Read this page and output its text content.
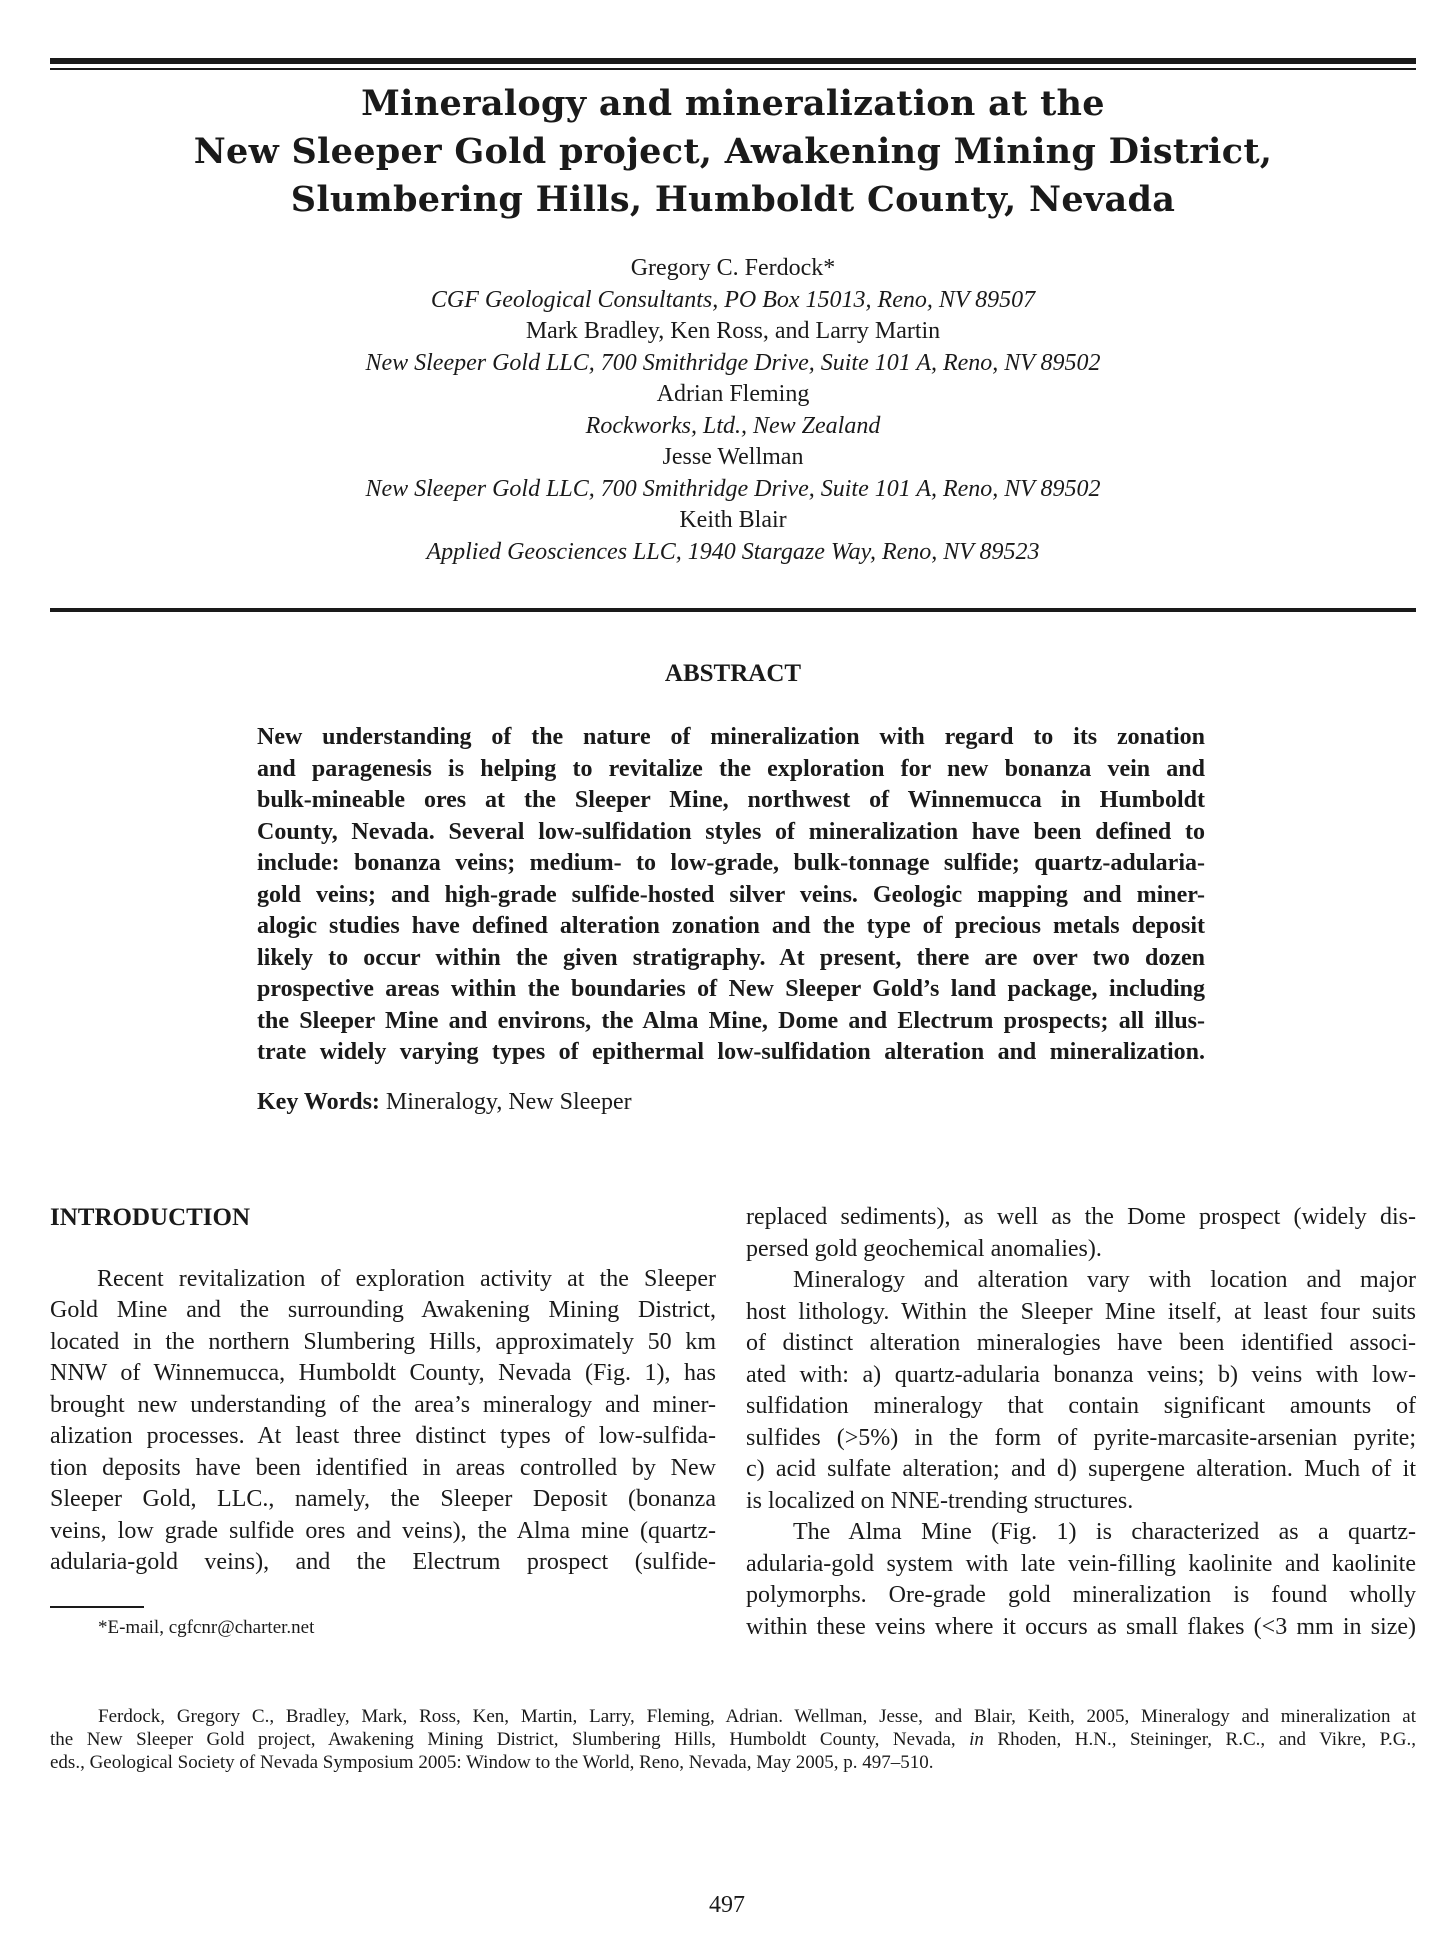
Mineralogy and mineralization at the
New Sleeper Gold project, Awakening Mining District,
Slumbering Hills, Humboldt County, Nevada
Gregory C. Ferdock*
CGF Geological Consultants, PO Box 15013, Reno, NV 89507
Mark Bradley, Ken Ross, and Larry Martin
New Sleeper Gold LLC, 700 Smithridge Drive, Suite 101 A, Reno, NV 89502
Adrian Fleming
Rockworks, Ltd., New Zealand
Jesse Wellman
New Sleeper Gold LLC, 700 Smithridge Drive, Suite 101 A, Reno, NV 89502
Keith Blair
Applied Geosciences LLC, 1940 Stargaze Way, Reno, NV 89523
ABSTRACT
New understanding of the nature of mineralization with regard to its zonation
and paragenesis is helping to revitalize the exploration for new bonanza vein and
bulk-mineable ores at the Sleeper Mine, northwest of Winnemucca in Humboldt
County, Nevada. Several low-sulfidation styles of mineralization have been defined to
include: bonanza veins; medium- to low-grade, bulk-tonnage sulfide; quartz-adularia-
gold veins; and high-grade sulfide-hosted silver veins. Geologic mapping and miner-
alogic studies have defined alteration zonation and the type of precious metals deposit
likely to occur within the given stratigraphy. At present, there are over two dozen
prospective areas within the boundaries of New Sleeper Gold’s land package, including
the Sleeper Mine and environs, the Alma Mine, Dome and Electrum prospects; all illus-
trate widely varying types of epithermal low-sulfidation alteration and mineralization.
Key Words: Mineralogy, New Sleeper
INTRODUCTION
Recent revitalization of exploration activity at the Sleeper
Gold Mine and the surrounding Awakening Mining District,
located in the northern Slumbering Hills, approximately 50 km
NNW of Winnemucca, Humboldt County, Nevada (Fig. 1), has
brought new understanding of the area’s mineralogy and miner-
alization processes. At least three distinct types of low-sulfida-
tion deposits have been identified in areas controlled by New
Sleeper Gold, LLC., namely, the Sleeper Deposit (bonanza
veins, low grade sulfide ores and veins), the Alma mine (quartz-
adularia-gold veins), and the Electrum prospect (sulfide-
replaced sediments), as well as the Dome prospect (widely dis-
persed gold geochemical anomalies).
Mineralogy and alteration vary with location and major
host lithology. Within the Sleeper Mine itself, at least four suits
of distinct alteration mineralogies have been identified associ-
ated with: a) quartz-adularia bonanza veins; b) veins with low-
sulfidation mineralogy that contain significant amounts of
sulfides (>5%) in the form of pyrite-marcasite-arsenian pyrite;
c) acid sulfate alteration; and d) supergene alteration. Much of it
is localized on NNE-trending structures.
The Alma Mine (Fig. 1) is characterized as a quartz-
adularia-gold system with late vein-filling kaolinite and kaolinite
polymorphs. Ore-grade gold mineralization is found wholly
within these veins where it occurs as small flakes (<3 mm in size)
*E-mail, cgfcnr@charter.net
Ferdock, Gregory C., Bradley, Mark, Ross, Ken, Martin, Larry, Fleming, Adrian. Wellman, Jesse, and Blair, Keith, 2005, Mineralogy and mineralization at
the New Sleeper Gold project, Awakening Mining District, Slumbering Hills, Humboldt County, Nevada, in Rhoden, H.N., Steininger, R.C., and Vikre, P.G.,
eds., Geological Society of Nevada Symposium 2005: Window to the World, Reno, Nevada, May 2005, p. 497–510.
497
